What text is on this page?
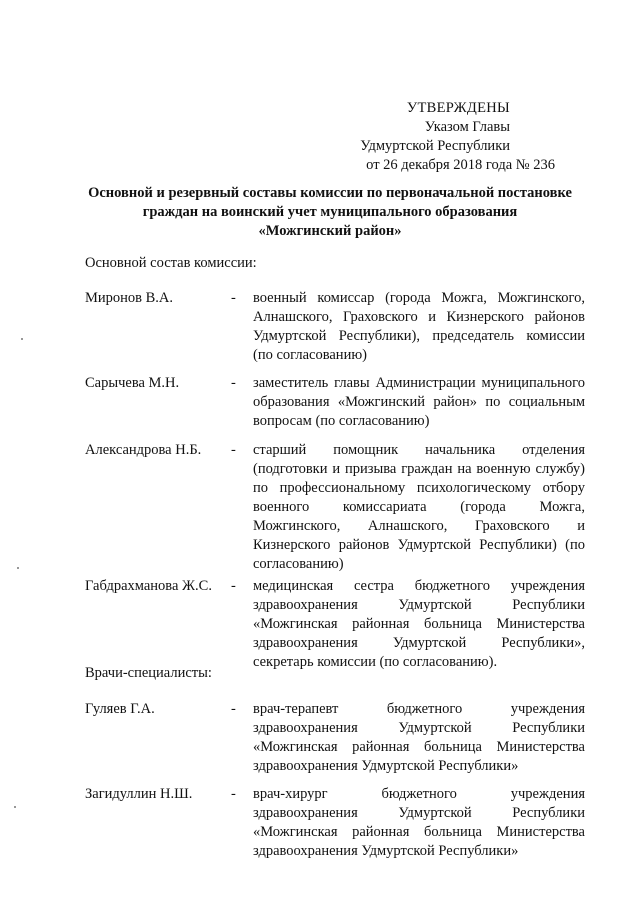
УТВЕРЖДЕНЫ
Указом Главы
Удмуртской Республики
от 26 декабря 2018 года № 236
Основной и резервный составы комиссии по первоначальной постановке
граждан на воинский учет муниципального образования
«Можгинский район»
Основной состав комиссии:
Миронов В.А.	- военный комиссар (города Можга, Можгинского,
Алнашского, Граховского и Кизнерского районов
Удмуртской Республики), председатель комиссии
(по согласованию)
Сарычева М.Н.	- заместитель главы Администрации муниципального
образования «Можгинский район» по социальным
вопросам (по согласованию)
Александрова Н.Б. - старший помощник начальника отделения
(подготовки и призыва граждан на военную службу)
по профессиональному психологическому отбору
военного комиссариата (города Можга,
Можгинского, Алнашского, Граховского и
Кизнерского районов Удмуртской Республики) (по
согласованию)
Габдрахманова Ж.С. - медицинская сестра бюджетного учреждения
здравоохранения Удмуртской Республики
«Можгинская районная больница Министерства
здравоохранения Удмуртской Республики»,
секретарь комиссии (по согласованию).
Врачи-специалисты:
Гуляев Г.А.	- врач-терапевт бюджетного учреждения
здравоохранения Удмуртской Республики
«Можгинская районная больница Министерства
здравоохранения Удмуртской Республики»
Загидуллин Н.Ш.	- врач-хирург бюджетного учреждения
здравоохранения Удмуртской Республики
«Можгинская районная больница Министерства
здравоохранения Удмуртской Республики»
